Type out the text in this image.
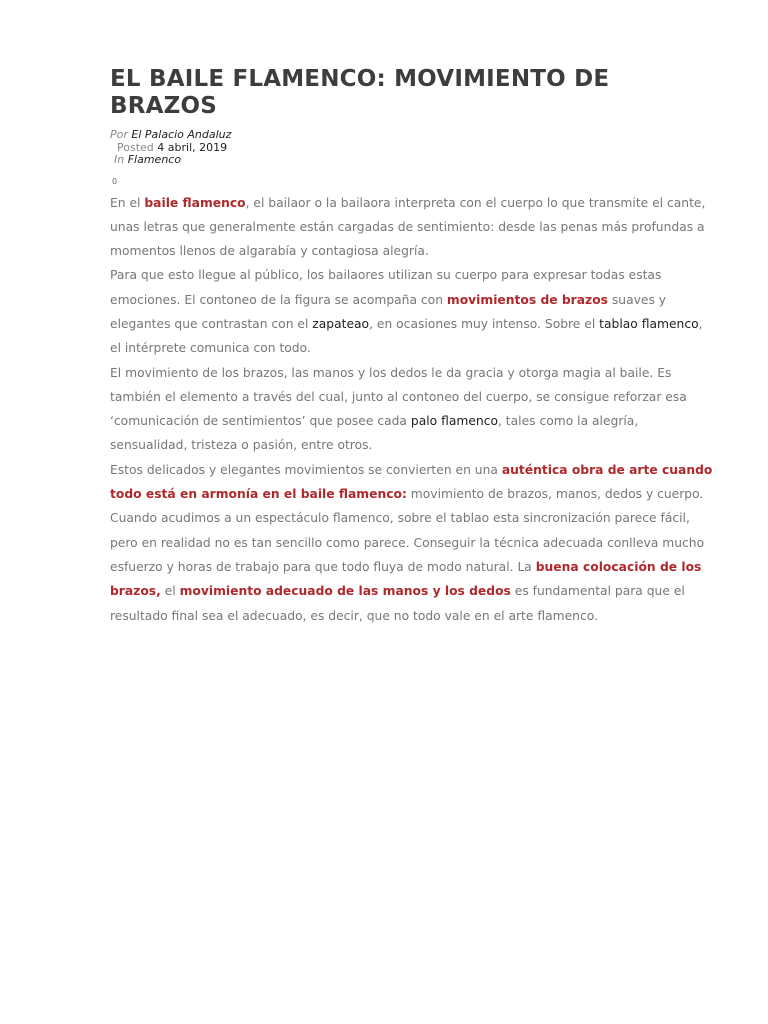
EL BAILE FLAMENCO: MOVIMIENTO DE BRAZOS
Por El Palacio Andaluz
Posted 4 abril, 2019
In Flamenco
0

En el baile flamenco, el bailaor o la bailaora interpreta con el cuerpo lo que transmite el cante, unas letras que generalmente están cargadas de sentimiento: desde las penas más profundas a momentos llenos de algarabía y contagiosa alegría.

Para que esto llegue al público, los bailaores utilizan su cuerpo para expresar todas estas emociones. El contoneo de la figura se acompaña con movimientos de brazos suaves y elegantes que contrastan con el zapateao, en ocasiones muy intenso. Sobre el tablao flamenco, el intérprete comunica con todo.

El movimiento de los brazos, las manos y los dedos le da gracia y otorga magia al baile. Es también el elemento a través del cual, junto al contoneo del cuerpo, se consigue reforzar esa ‘comunicación de sentimientos’ que posee cada palo flamenco, tales como la alegría, sensualidad, tristeza o pasión, entre otros.

Estos delicados y elegantes movimientos se convierten en una auténtica obra de arte cuando todo está en armonía en el baile flamenco: movimiento de brazos, manos, dedos y cuerpo. Cuando acudimos a un espectáculo flamenco, sobre el tablao esta sincronización parece fácil, pero en realidad no es tan sencillo como parece. Conseguir la técnica adecuada conlleva mucho esfuerzo y horas de trabajo para que todo fluya de modo natural. La buena colocación de los brazos, el movimiento adecuado de las manos y los dedos es fundamental para que el resultado final sea el adecuado, es decir, que no todo vale en el arte flamenco.
